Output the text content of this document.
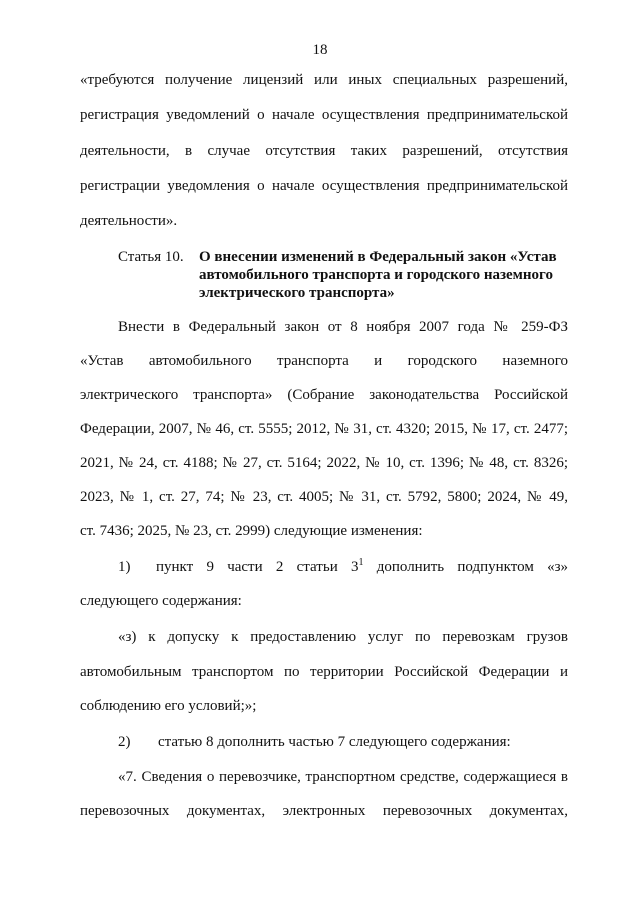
18
«требуются получение лицензий или иных специальных разрешений,
регистрация уведомлений о начале осуществления предпринимательской
деятельности, в случае отсутствия таких разрешений, отсутствия
регистрации уведомления о начале осуществления предпринимательской
деятельности».
Статья 10. О внесении изменений в Федеральный закон «Устав
автомобильного транспорта и городского наземного
электрического транспорта»
Внести в Федеральный закон от 8 ноября 2007 года № 259-ФЗ
«Устав автомобильного транспорта и городского наземного
электрического транспорта» (Собрание законодательства Российской
Федерации, 2007, № 46, ст. 5555; 2012, № 31, ст. 4320; 2015, № 17, ст. 2477;
2021, № 24, ст. 4188; № 27, ст. 5164; 2022, № 10, ст. 1396; № 48, ст. 8326;
2023, № 1, ст. 27, 74; № 23, ст. 4005; № 31, ст. 5792, 5800; 2024, № 49,
ст. 7436; 2025, № 23, ст. 2999) следующие изменения:
1) пункт 9 части 2 статьи $3^1$ дополнить подпунктом «з»
следующего содержания:
«з) к допуску к предоставлению услуг по перевозкам грузов
автомобильным транспортом по территории Российской Федерации и
соблюдению его условий;»;
2) статью 8 дополнить частью 7 следующего содержания:
«7. Сведения о перевозчике, транспортном средстве, содержащиеся в
перевозочных документах, электронных перевозочных документах,
